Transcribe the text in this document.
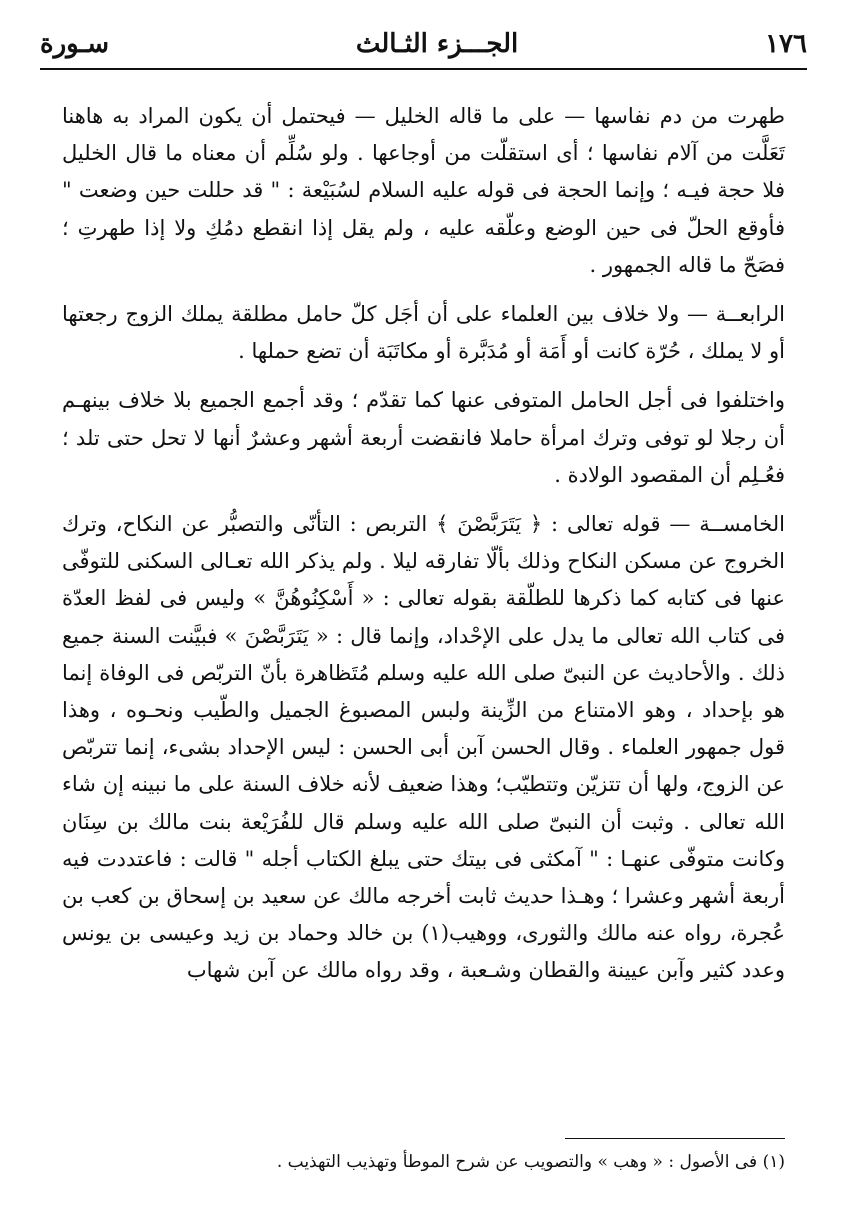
١٧٦
الجـــزء الثـالث
سـورة

طهرت من دم نفاسها — على ما قاله الخليل — فيحتمل أن يكون المراد به هاهنا تَعَلَّت من آلام نفاسها ؛ أى استقلّت من أوجاعها . ولو سُلِّم أن معناه ما قال الخليل فلا حجة فيـه ؛ وإنما الحجة فى قوله عليه السلام لسُبَيْعة : " قد حللت حين وضعت " فأوقع الحلّ فى حين الوضع وعلّقه عليه ، ولم يقل إذا انقطع دمُكِ ولا إذا طهرتِ ؛ فصَحّ ما قاله الجمهور .

الرابعــة — ولا خلاف بين العلماء على أن أجَل كلّ حامل مطلقة يملك الزوج رجعتها أو لا يملك ، حُرّة كانت أو أَمَة أو مُدَبَّرة أو مكاتَبَة أن تضع حملها .

واختلفوا فى أجل الحامل المتوفى عنها كما تقدّم ؛ وقد أجمع الجميع بلا خلاف بينهـم أن رجلا لو توفى وترك امرأة حاملا فانقضت أربعة أشهر وعشرٌ أنها لا تحل حتى تلد ؛ فعُـلِم أن المقصود الولادة .

الخامســة — قوله تعالى : ﴿ يَتَرَبَّصْنَ ﴾ التربص : التأنّى والتصبُّر عن النكاح، وترك الخروج عن مسكن النكاح وذلك بألّا تفارقه ليلا . ولم يذكر الله تعـالى السكنى للتوفّى عنها فى كتابه كما ذكرها للطلّقة بقوله تعالى : « أَسْكِنُوهُنَّ » وليس فى لفظ العدّة فى كتاب الله تعالى ما يدل على الإحْداد، وإنما قال : « يَتَرَبَّصْنَ » فبيَّنت السنة جميع ذلك . والأحاديث عن النبىّ صلى الله عليه وسلم مُتَظاهرة بأنّ التربّص فى الوفاة إنما هو بإحداد ، وهو الامتناع من الزِّينة ولبس المصبوغ الجميل والطّيب ونحـوه ، وهذا قول جمهور العلماء . وقال الحسن آبن أبى الحسن : ليس الإحداد بشىء، إنما تتربّص عن الزوج، ولها أن تتزيّن وتتطيّب؛ وهذا ضعيف لأنه خلاف السنة على ما نبينه إن شاء الله تعالى . وثبت أن النبىّ صلى الله عليه وسلم قال للفُرَيْعة بنت مالك بن سِنَان وكانت متوفّى عنهـا : " آمكثى فى بيتك حتى يبلغ الكتاب أجله " قالت : فاعتددت فيه أربعة أشهر وعشرا ؛ وهـذا حديث ثابت أخرجه مالك عن سعيد بن إسحاق بن كعب بن عُجرة، رواه عنه مالك والثورى، ووهيب(١) بن خالد وحماد بن زيد وعيسى بن يونس وعدد كثير وآبن عيينة والقطان وشـعبة ، وقد رواه مالك عن آبن شهاب

(١) فى الأصول : « وهب » والتصويب عن شرح الموطأ وتهذيب التهذيب .
